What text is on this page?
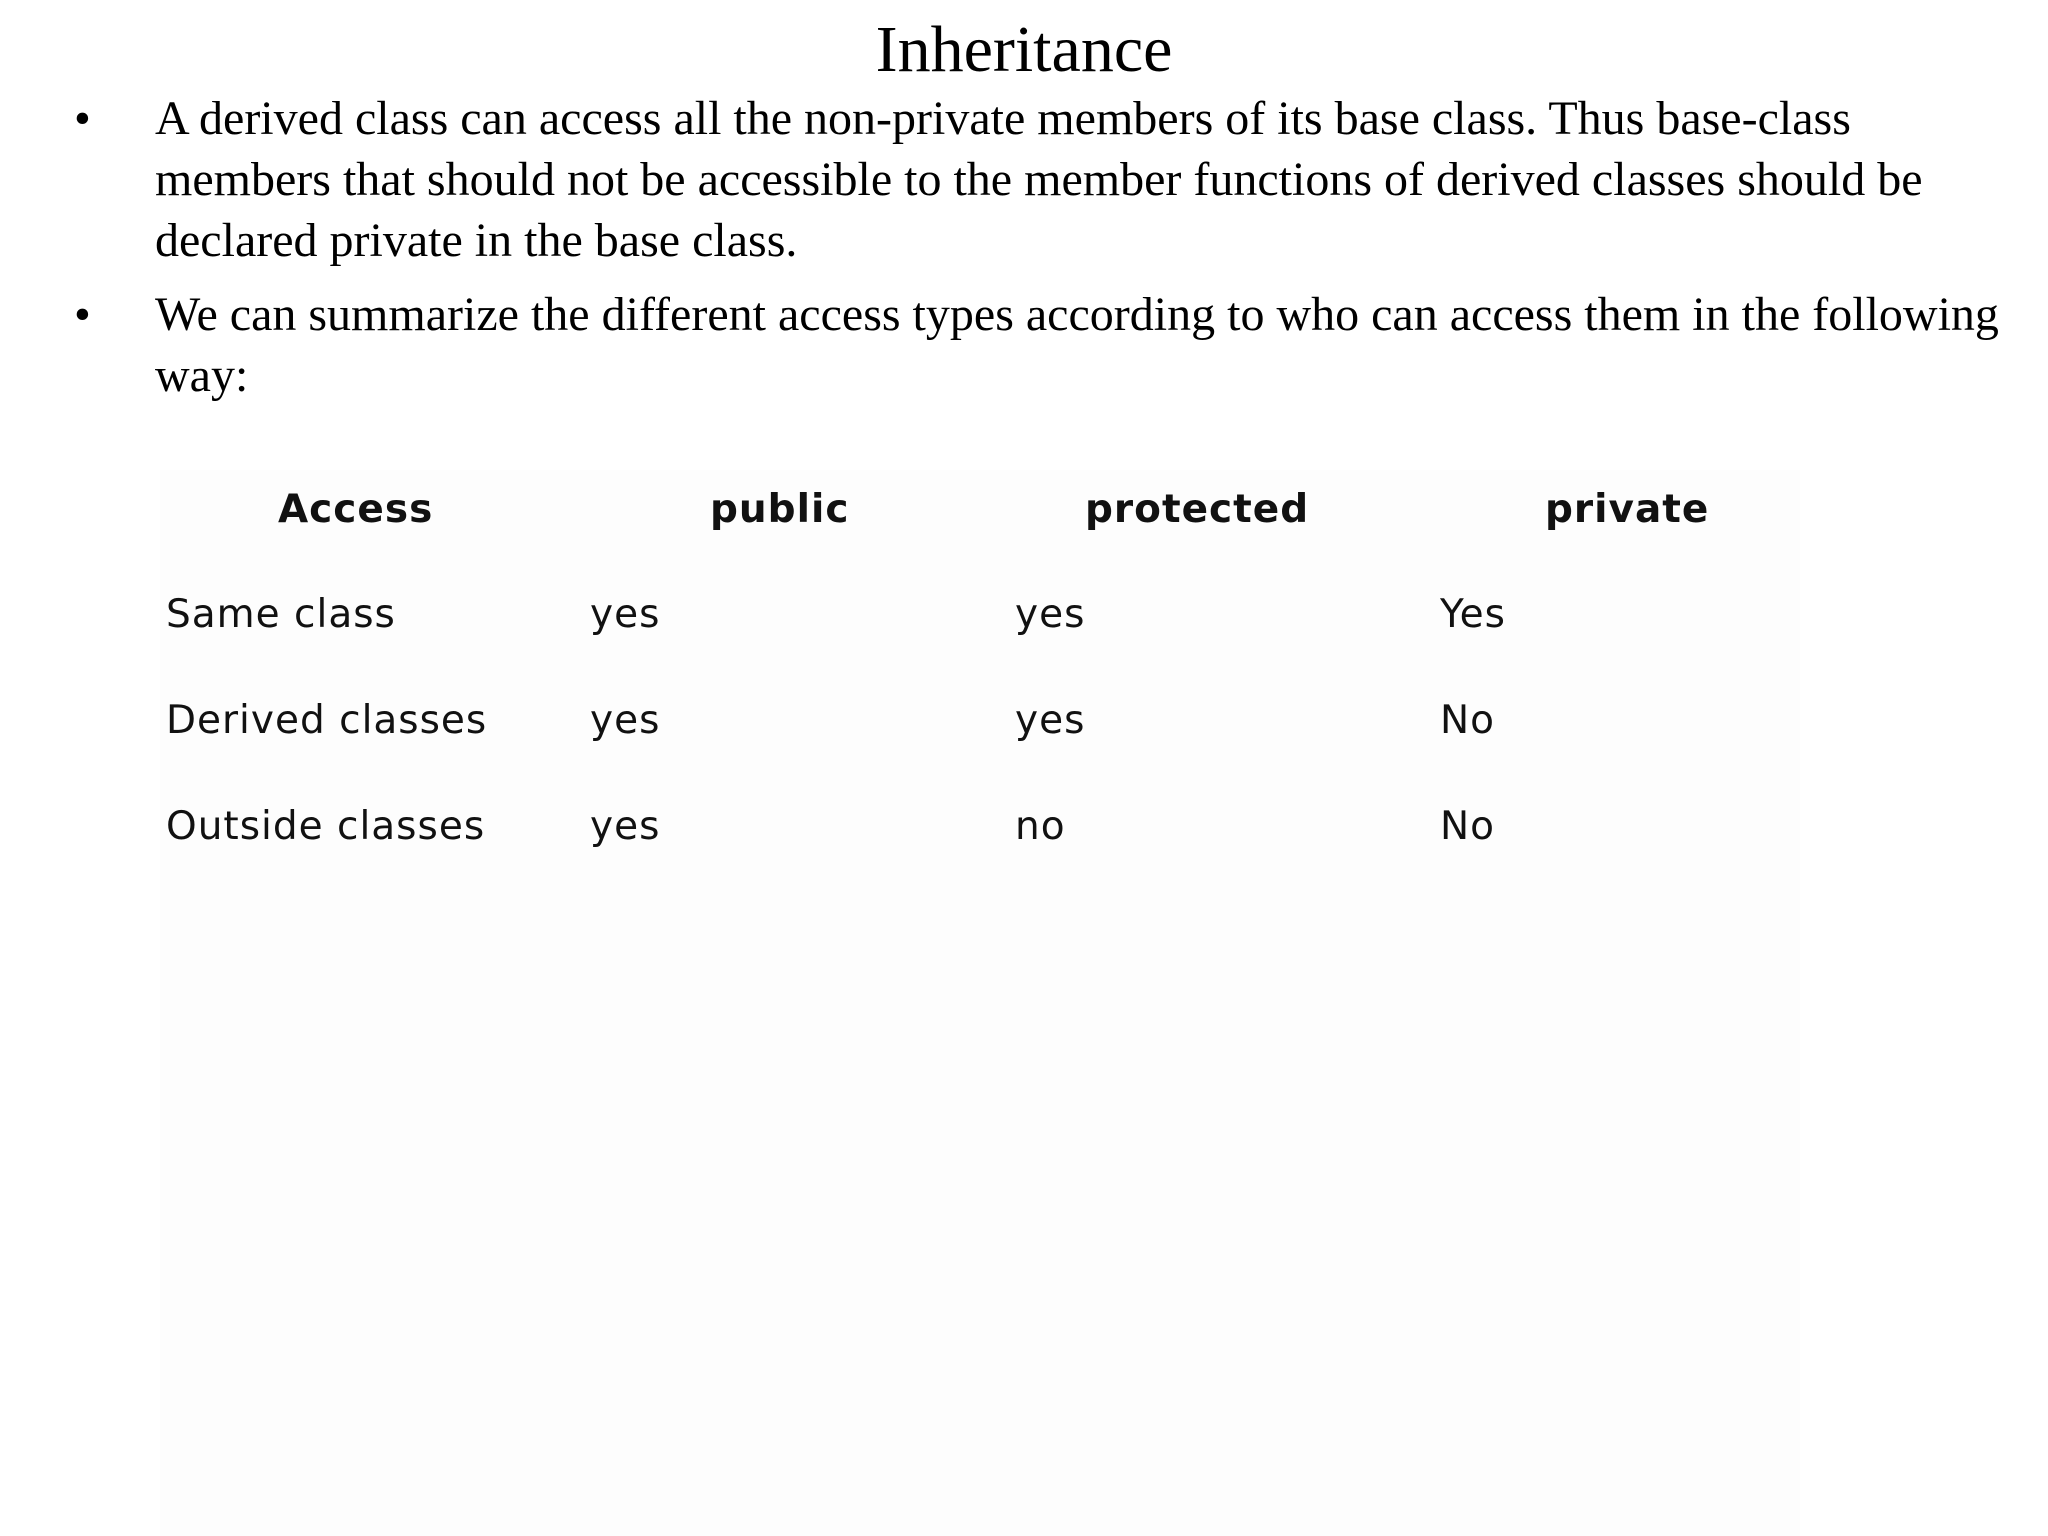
Inheritance
• A derived class can access all the non-private members of its base class. Thus base-class members that should not be accessible to the member functions of derived classes should be declared private in the base class.
• We can summarize the different access types according to who can access them in the following way:
Access	public	protected	private
Same class	yes	yes	Yes
Derived classes	yes	yes	No
Outside classes	yes	no	No
